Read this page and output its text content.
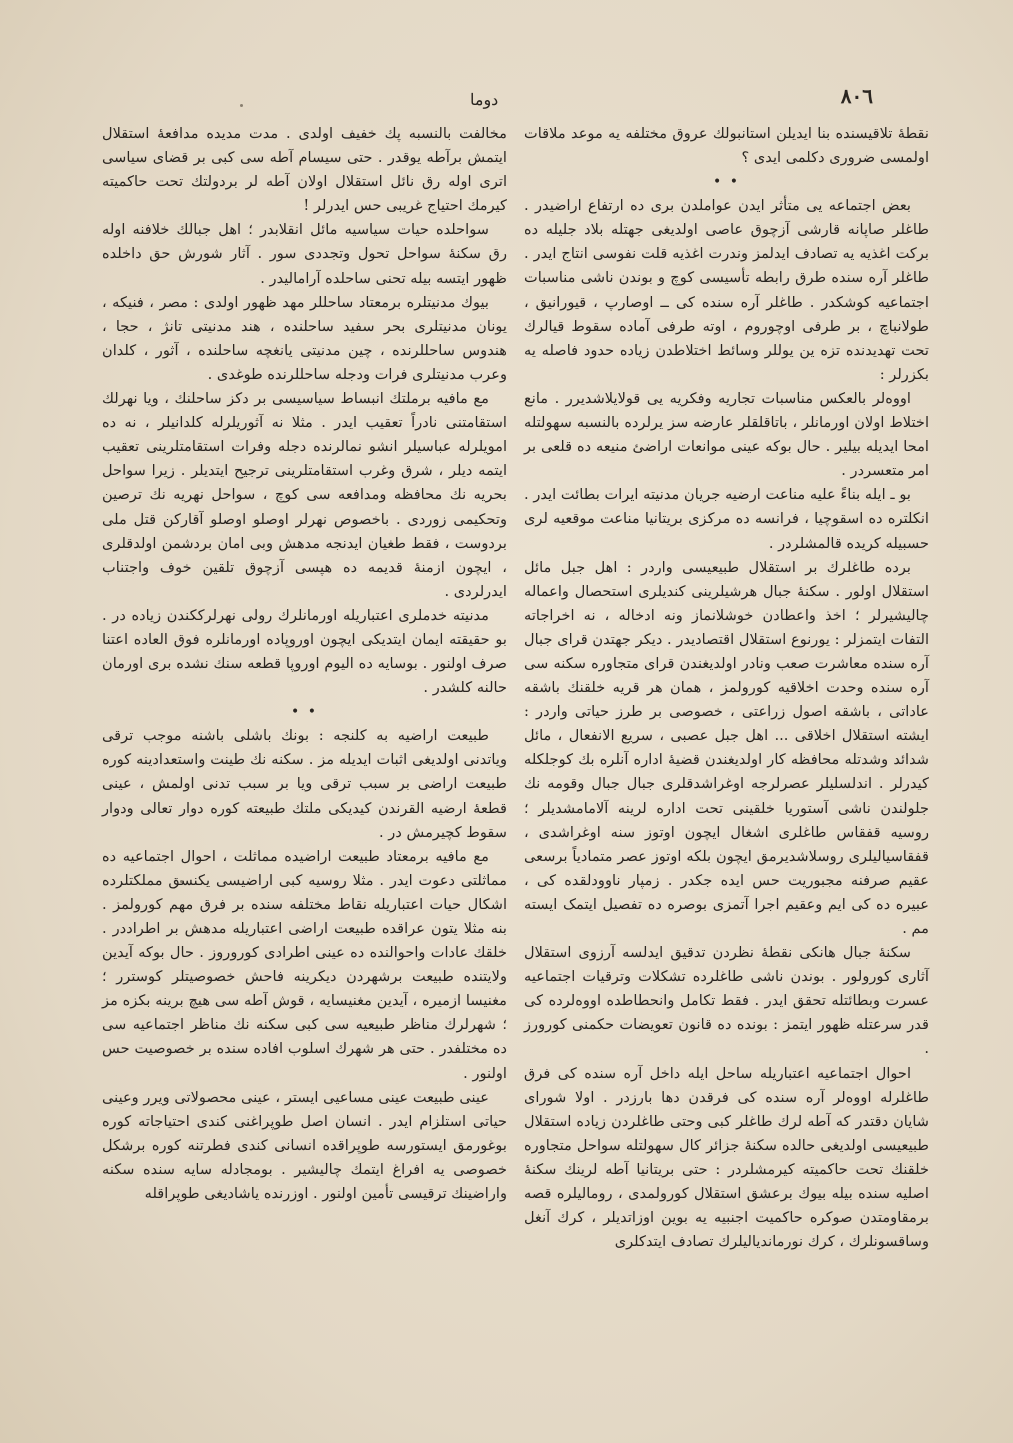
۸۰٦
دوما

نقطهٔ تلاقیسنده بنا ایدیلن استانبولك عروق مختلفه یه موعد ملاقات اولمسی ضروری دکلمی ایدی ؟

• •

بعض اجتماعه یی متأثر ایدن عواملدن بری ده ارتفاع اراضیدر . طاغلر صاپانه قارشی آزچوق عاصی اولدیغی جهتله بلاد جلیله ده برکت اغذیه یه تصادف ایدلمز وندرت اغذیه قلت نفوسی انتاج ایدر . طاغلر آره سنده طرق رابطه تأسیسی کوچ و بوندن ناشی مناسبات اجتماعیه کوشکدر . طاغلر آره سنده کی ــ اوصارپ ، قیورانیق ، طولانباچ ، بر طرفی اوچوروم ، اوته طرفی آماده سقوط قیالرك تحت تهدیدنده تزه ین یوللر وسائط اختلاطدن زیاده حدود فاصله یه بکزرلر :

اووەلر بالعکس مناسبات تجاریه وفکریه یی قولایلاشدیرر . مانع اختلاط اولان اورمانلر ، باتاقلقلر عارضه سز یرلرده بالنسبه سهولتله امحا ایدیله بیلیر . حال بوکه عینی موانعات اراضئ منیعه ده قلعی بر امر متعسردر .

بو ـ ایله بناءً علیه مناعت ارضیه جریان مدنیته ایرات بطائت ایدر . انکلتره ده اسقوچیا ، فرانسه ده مرکزی بریتانیا مناعت موقعیه لری حسبیله کریده قالمشلردر .

برده طاغلرك بر استقلال طبیعیسی واردر : اهل جبل مائل استقلال اولور . سکنهٔ جبال هرشیلرینی کندیلری استحصال واعماله چالیشیرلر ؛ اخذ واعطادن خوشلانماز ونه ادخاله ، نه اخراجاته التفات ایتمزلر : یورنوع استقلال اقتصادیدر . دیکر جهتدن قرای جبال آره سنده معاشرت صعب ونادر اولدیغندن قرای متجاوره سکنه سی آره سنده وحدت اخلاقیه کورولمز ، همان هر قریه خلقنك باشقه عاداتی ، باشقه اصول زراعتی ، خصوصی بر طرز حیاتی واردر : ایشته استقلال اخلاقی ... اهل جبل عصبی ، سریع الانفعال ، مائل شدائد وشدتله محافظه کار اولدیغندن قضیهٔ اداره آنلره بك کوجلکله کیدرلر . اندلسلیلر عصرلرجه اوغراشدقلری جبال جبال وقومه نك جلولندن ناشی آستوریا خلقینی تحت اداره لرینه آلامامشدیلر ؛ روسیه قفقاس طاغلری اشغال ایچون اوتوز سنه اوغراشدی ، قفقاسیالیلری روسلاشدیرمق ایچون بلکه اوتوز عصر متمادیاً برسعی عقیم صرفنه مجبوریت حس ایده جکدر . زمپار ناوودلقده کی ، عبیره ده کی ایم وعقیم اجرا آتمزی بوصره ده تفصیل ایتمک ایسته مم .

سکنهٔ جبال هانکی نقطهٔ نظردن تدقیق ایدلسه آرزوی استقلال آثاری کورولور . بوندن ناشی طاغلرده تشکلات وترقیات اجتماعیه عسرت وبطائتله تحقق ایدر . فقط تکامل وانحطاطده اووەلرده کی قدر سرعتله ظهور ایتمز : بونده ده قانون تعویضات حکمنی کورورز .

احوال اجتماعیه اعتباریله ساحل ایله داخل آره سنده کی فرق طاغلرله اووەلر آره سنده کی فرقدن دها بارزدر . اولا شورای شایان دقتدر که آطه لرك طاغلر کبی وحتی طاغلردن زیاده استقلال طبیعیسی اولدیغی حالده سکنهٔ جزائر کال سهولتله سواحل متجاوره خلقنك تحت حاکمیته کیرمشلردر : حتی بریتانیا آطه لرینك سکنهٔ اصلیه سنده بیله بیوك برعشق استقلال کورولمدی ، رومالیلره قصه برمقاومتدن صوکره حاکمیت اجنبیه یه بوین اوزاتدیلر ، کرك آنغل وساقسونلرك ، کرك نورماندیالیلرك تصادف ایتدکلری

مخالفت بالنسبه پك خفیف اولدی . مدت مدیده مدافعهٔ استقلال ایتمش برآطه یوقدر . حتی سیسام آطه سی کبی بر قضای سیاسی اتری اوله رق نائل استقلال اولان آطه لر بردولتك تحت حاکمیته کیرمك احتیاج غریبی حس ایدرلر !

سواحلده حیات سیاسیه مائل انقلابدر ؛ اهل جبالك خلافنه اوله رق سکنهٔ سواحل تحول وتجددی سور . آثار شورش حق داخلده ظهور ایتسه بیله تحنی ساحلده آرامالیدر .

بیوك مدنیتلره برمعتاد ساحللر مهد ظهور اولدی : مصر ، فنیکه ، یونان مدنیتلری بحر سفید ساحلنده ، هند مدنیتی تانژ ، حجا ، هندوس ساحللرنده ، چین مدنیتی یانغچه ساحلنده ، آثور ، کلدان وعرب مدنیتلری فرات ودجله ساحللرنده طوغدی .

مع مافیه برملتك انبساط سیاسیسی بر دکز ساحلنك ، ویا نهرلك استقامتنی نادراً تعقیب ایدر . مثلا نه آثوریلرله کلدانیلر ، نه ده امویلرله عباسیلر انشو نمالرنده دجله وفرات استقامتلرینی تعقیب ایتمه دیلر ، شرق وغرب استقامتلرینی ترجیح ایتدیلر . زیرا سواحل بحریه نك محافظه ومدافعه سی کوچ ، سواحل نهریه نك ترصین وتحکیمی زوردی . باخصوص نهرلر اوصلو اوصلو آقارکن قتل ملی بردوست ، فقط طغیان ایدنجه مدهش وبی امان بردشمن اولدقلری ، ایچون ازمنهٔ قدیمه ده هپسی آزچوق تلقین خوف واجتناب ایدرلردی .

مدنیته خدملری اعتباریله اورمانلرك رولی نهرلرککندن زیاده در . بو حقیقته ایمان ایتدیکی ایچون اوروپاده اورمانلره فوق العاده اعتنا صرف اولنور . بوسایه ده الیوم اوروپا قطعه سنك نشده بری اورمان حالنه کلشدر .

• •

طبیعت اراضیه به کلنجه : بونك باشلی باشنه موجب ترقی ویاتدنی اولدیغی اثبات ایدیله مز . سکنه نك طینت واستعدادینه کوره طبیعت اراضی بر سبب ترقی ویا بر سبب تدنی اولمش ، عینی قطعهٔ ارضیه القرندن کیدیکی ملتك طبیعته کوره دوار تعالی ودوار سقوط کچیرمش در .

مع مافیه برمعتاد طبیعت اراضیده مماثلت ، احوال اجتماعیه ده مماثلتی دعوت ایدر . مثلا روسیه کبی اراضیسی یکنسق مملکتلرده اشکال حیات اعتباریله نقاط مختلفه سنده بر فرق مهم کورولمز . بنه مثلا یتون عراقده طبیعت اراضی اعتباریله مدهش بر اطراددر . خلقك عادات واحوالنده ده عینی اطرادی کوروروز . حال بوکه آیدین ولایتنده طبیعت برشهردن دیکرینه فاحش خصوصیتلر کوسترر ؛ مغنیسا ازمیره ، آیدین مغنیسایه ، قوش آطه سی هیچ برینه بکزه مز ؛ شهرلرك مناظر طبیعیه سی کبی سکنه نك مناظر اجتماعیه سی ده مختلفدر . حتی هر شهرك اسلوب افاده سنده بر خصوصیت حس اولنور .

عینی طبیعت عینی مساعیی ایستر ، عینی محصولاتی ویرر وعینی حیاتی استلزام ایدر . انسان اصل طوپراغنی کندی احتیاجاته کوره بوغورمق ایستورسه طوپراقده انسانی کندی فطرتنه کوره برشکل خصوصی یه افراغ ایتمك چالیشیر . بومجادله سایه سنده سکنه واراضینك ترقیسی تأمین اولنور . اوزرنده یاشادیغی طوپراقله
